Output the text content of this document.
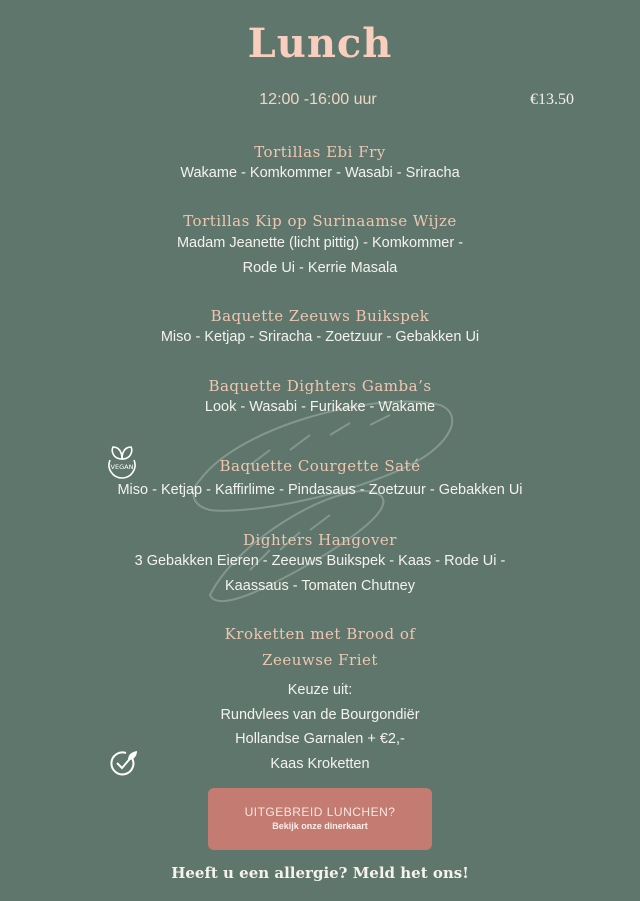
Lunch
12:00 -16:00 uur	€13.50
Tortillas Ebi Fry
Wakame - Komkommer - Wasabi - Sriracha
Tortillas Kip op Surinaamse Wijze
Madam Jeanette (licht pittig) - Komkommer -
Rode Ui - Kerrie Masala
Baquette Zeeuws Buikspek
Miso - Ketjap - Sriracha - Zoetzuur - Gebakken Ui
Baquette Dighters Gamba’s
Look - Wasabi - Furikake - Wakame
VEGAN	Baquette Courgette Saté
Miso - Ketjap - Kaffirlime - Pindasaus - Zoetzuur - Gebakken Ui
Dighters Hangover
3 Gebakken Eieren - Zeeuws Buikspek - Kaas - Rode Ui -
Kaassaus - Tomaten Chutney
Kroketten met Brood of
Zeeuwse Friet
Keuze uit:
Rundvlees van de Bourgondiër
Hollandse Garnalen + €2,-
Kaas Kroketten
UITGEBREID LUNCHEN?
Bekijk onze dinerkaart
Heeft u een allergie? Meld het ons!
